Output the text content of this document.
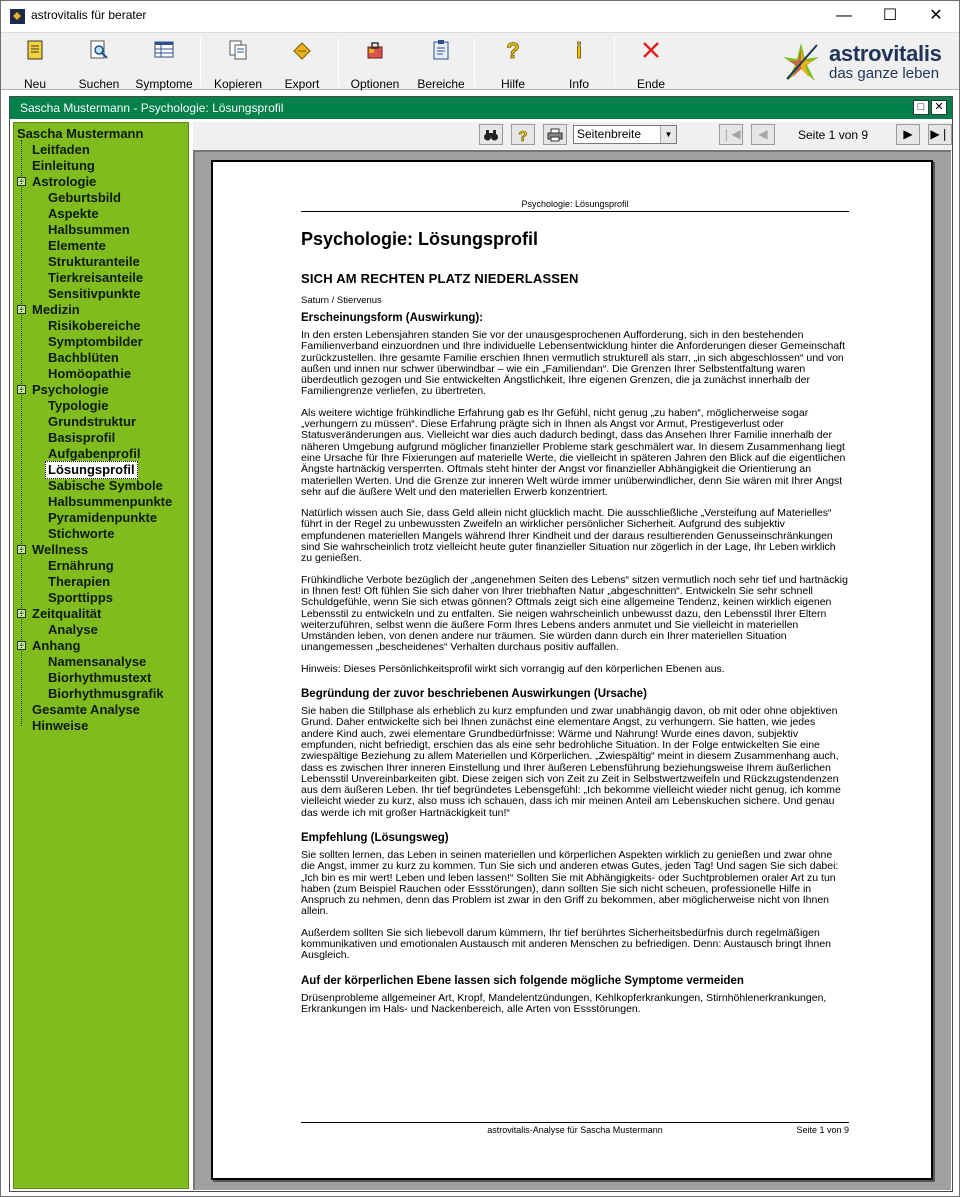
astrovitalis für berater	—	☐	✕
Neu	Suchen Symptome Kopieren	Export	Optionen	Bereiche
?
Hilfe
i
Info	Ende
astrovitalis
das ganze leben
Sascha Mustermann - Psychologie: Lösungsprofil	□ ✕
Sascha Mustermann
Leitfaden
Einleitung
Astrologie
−
Geburtsbild
Aspekte
Halbsummen
Elemente
Strukturanteile
Tierkreisanteile
Sensitivpunkte
Medizin
−
Risikobereiche
Symptombilder
Bachblüten
Homöopathie
Psychologie
−
Typologie
Grundstruktur
Basisprofil
Aufgabenprofil
Lösungsprofil
Sabische Symbole
Halbsummenpunkte
Pyramidenpunkte
Stichworte
Wellness
−
Ernährung
Therapien
Sporttipps
Zeitqualität
−
Analyse
Anhang
−
Namensanalyse
Biorhythmustext
Biorhythmusgrafik
Gesamte Analyse
Hinweise
?	Seitenbreite	▼	❘◀	◀	Seite 1 von 9	▶	▶❘
Psychologie: Lösungsprofil
Psychologie: Lösungsprofil
SICH AM RECHTEN PLATZ NIEDERLASSEN
Saturn / Stiervenus
Erscheinungsform (Auswirkung):
In den ersten Lebensjahren standen Sie vor der unausgesprochenen Aufforderung, sich in den bestehenden Familienverband einzuordnen und Ihre individuelle Lebensentwicklung hinter die Anforderungen dieser Gemeinschaft zurückzustellen. Ihre gesamte Familie erschien Ihnen vermutlich strukturell als starr, „in sich abgeschlossen“ und von außen und innen nur schwer überwindbar – wie ein „Familiendan“. Die Grenzen Ihrer Selbstentfaltung waren überdeutlich gezogen und Sie entwickelten Ängstlichkeit, Ihre eigenen Grenzen, die ja zunächst innerhalb der Familiengrenze verliefen, zu übertreten.
Als weitere wichtige frühkindliche Erfahrung gab es Ihr Gefühl, nicht genug „zu haben“, möglicherweise sogar „verhungern zu müssen“. Diese Erfahrung prägte sich in Ihnen als Angst vor Armut, Prestigeverlust oder Statusveränderungen aus. Vielleicht war dies auch dadurch bedingt, dass das Ansehen Ihrer Familie innerhalb der näheren Umgebung aufgrund möglicher finanzieller Probleme stark geschmälert war. In diesem Zusammenhang liegt eine Ursache für Ihre Fixierungen auf materielle Werte, die vielleicht in späteren Jahren den Blick auf die eigentlichen Ängste hartnäckig versperrten. Oftmals steht hinter der Angst vor finanzieller Abhängigkeit die Orientierung an materiellen Werten. Und die Grenze zur inneren Welt würde immer unüberwindlicher, denn Sie wären mit Ihrer Angst sehr auf die äußere Welt und den materiellen Erwerb konzentriert.
Natürlich wissen auch Sie, dass Geld allein nicht glücklich macht. Die ausschließliche „Versteifung auf Materielles“ führt in der Regel zu unbewussten Zweifeln an wirklicher persönlicher Sicherheit. Aufgrund des subjektiv empfundenen materiellen Mangels während Ihrer Kindheit und der daraus resultierenden Genusseinschränkungen sind Sie wahrscheinlich trotz vielleicht heute guter finanzieller Situation nur zögerlich in der Lage, Ihr Leben wirklich zu genießen.
Frühkindliche Verbote bezüglich der „angenehmen Seiten des Lebens“ sitzen vermutlich noch sehr tief und hartnäckig in Ihnen fest! Oft fühlen Sie sich daher von Ihrer triebhaften Natur „abgeschnitten“. Entwickeln Sie sehr schnell Schuldgefühle, wenn Sie sich etwas gönnen? Oftmals zeigt sich eine allgemeine Tendenz, keinen wirklich eigenen Lebensstil zu entwickeln und zu entfalten. Sie neigen wahrscheinlich unbewusst dazu, den Lebensstil Ihrer Eltern weiterzuführen, selbst wenn die äußere Form Ihres Lebens anders anmutet und Sie vielleicht in materiellen Umständen leben, von denen andere nur träumen. Sie würden dann durch ein Ihrer materiellen Situation unangemessen „bescheidenes“ Verhalten durchaus positiv auffallen.
Hinweis: Dieses Persönlichkeitsprofil wirkt sich vorrangig auf den körperlichen Ebenen aus.
Begründung der zuvor beschriebenen Auswirkungen (Ursache)
Sie haben die Stillphase als erheblich zu kurz empfunden und zwar unabhängig davon, ob mit oder ohne objektiven Grund. Daher entwickelte sich bei Ihnen zunächst eine elementare Angst, zu verhungern. Sie hatten, wie jedes andere Kind auch, zwei elementare Grundbedürfnisse: Wärme und Nahrung! Wurde eines davon, subjektiv empfunden, nicht befriedigt, erschien das als eine sehr bedrohliche Situation. In der Folge entwickelten Sie eine zwiespältige Beziehung zu allem Materiellen und Körperlichen. „Zwiespältig“ meint in diesem Zusammenhang auch, dass es zwischen Ihrer inneren Einstellung und Ihrer äußeren Lebensführung beziehungsweise Ihrem äußerlichen Lebensstil Unvereinbarkeiten gibt. Diese zeigen sich von Zeit zu Zeit in Selbstwertzweifeln und Rückzugstendenzen aus dem äußeren Leben. Ihr tief begründetes Lebensgefühl: „Ich bekomme vielleicht wieder nicht genug, ich komme vielleicht wieder zu kurz, also muss ich schauen, dass ich mir meinen Anteil am Lebenskuchen sichere. Und genau das werde ich mit großer Hartnäckigkeit tun!“
Empfehlung (Lösungsweg)
Sie sollten lernen, das Leben in seinen materiellen und körperlichen Aspekten wirklich zu genießen und zwar ohne die Angst, immer zu kurz zu kommen. Tun Sie sich und anderen etwas Gutes, jeden Tag! Und sagen Sie sich dabei: „Ich bin es mir wert! Leben und leben lassen!“ Sollten Sie mit Abhängigkeits- oder Suchtproblemen oraler Art zu tun haben (zum Beispiel Rauchen oder Essstörungen), dann sollten Sie sich nicht scheuen, professionelle Hilfe in Anspruch zu nehmen, denn das Problem ist zwar in den Griff zu bekommen, aber möglicherweise nicht von Ihnen allein.
Außerdem sollten Sie sich liebevoll darum kümmern, Ihr tief berührtes Sicherheitsbedürfnis durch regelmäßigen kommunikativen und emotionalen Austausch mit anderen Menschen zu befriedigen. Denn: Austausch bringt Ihnen Ausgleich.
Auf der körperlichen Ebene lassen sich folgende mögliche Symptome vermeiden
Drüsenprobleme allgemeiner Art, Kropf, Mandelentzündungen, Kehlkopferkrankungen, Stirnhöhlenerkrankungen, Erkrankungen im Hals- und Nackenbereich, alle Arten von Essstörungen.
astrovitalis-Analyse für Sascha Mustermann	Seite 1 von 9
